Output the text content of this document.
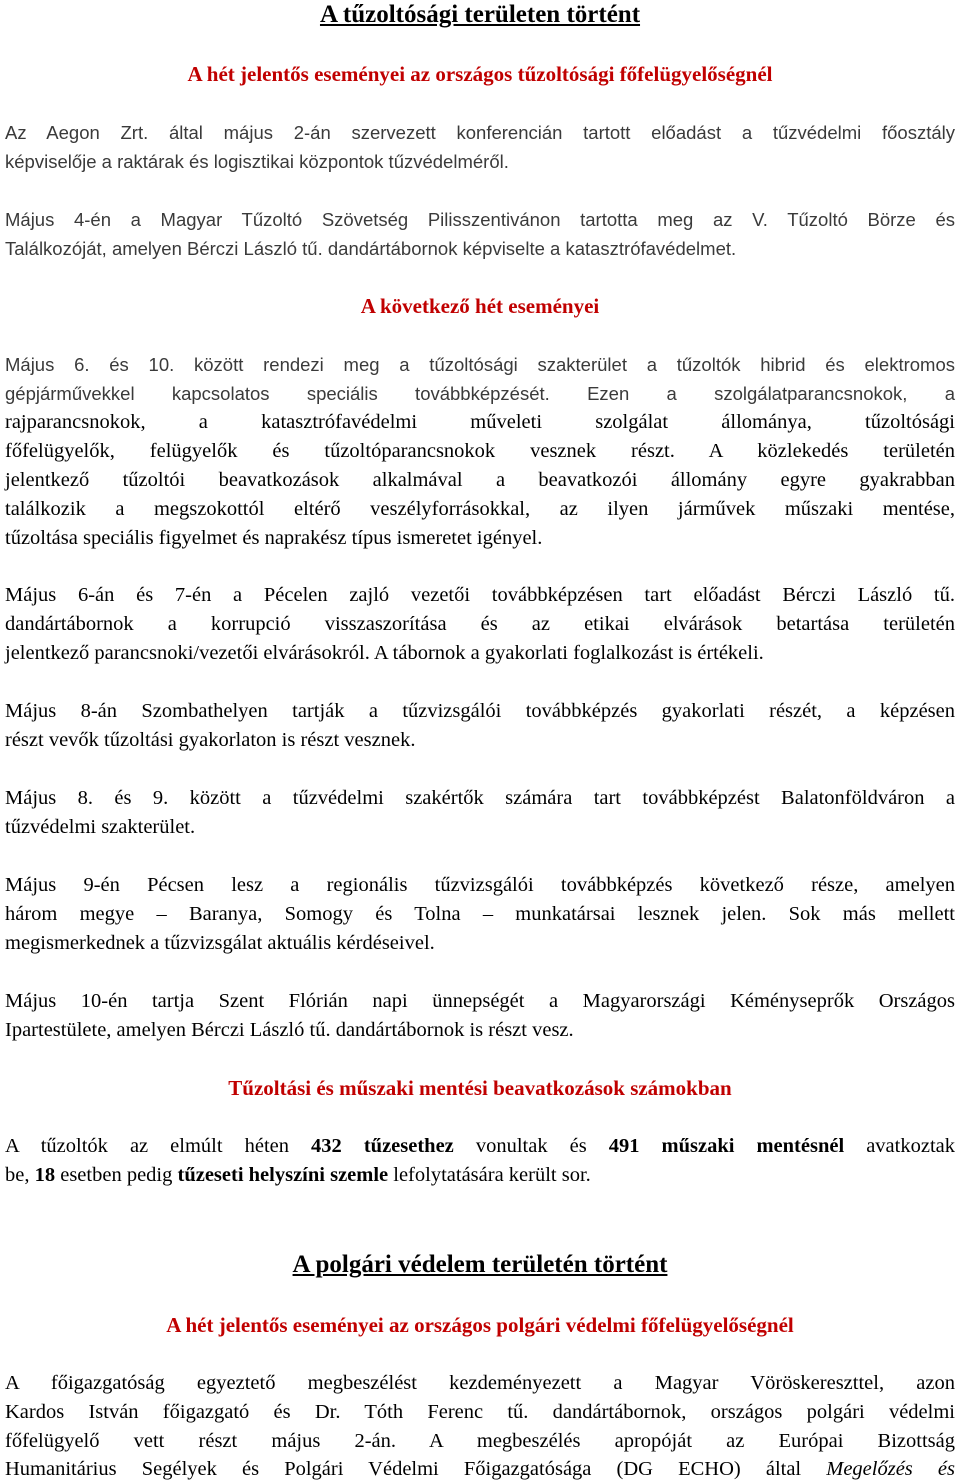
A tűzoltósági területen történt
A hét jelentős eseményei az országos tűzoltósági főfelügyelőségnél
Az Aegon Zrt. által május 2-án szervezett konferencián tartott előadást a tűzvédelmi főosztály
képviselője a raktárak és logisztikai központok tűzvédelméről.
Május 4-én a Magyar Tűzoltó Szövetség Pilisszentivánon tartotta meg az V. Tűzoltó Börze és
Találkozóját, amelyen Bérczi László tű. dandártábornok képviselte a katasztrófavédelmet.
A következő hét eseményei
Május 6. és 10. között rendezi meg a tűzoltósági szakterület a tűzoltók hibrid és elektromos
gépjárművekkel kapcsolatos speciális továbbképzését. Ezen a szolgálatparancsnokok, a
rajparancsnokok, a katasztrófavédelmi műveleti szolgálat állománya, tűzoltósági
főfelügyelők, felügyelők és tűzoltóparancsnokok vesznek részt. A közlekedés területén
jelentkező tűzoltói beavatkozások alkalmával a beavatkozói állomány egyre gyakrabban
találkozik a megszokottól eltérő veszélyforrásokkal, az ilyen járművek műszaki mentése,
tűzoltása speciális figyelmet és naprakész típus ismeretet igényel.
Május 6-án és 7-én a Pécelen zajló vezetői továbbképzésen tart előadást Bérczi László tű.
dandártábornok a korrupció visszaszorítása és az etikai elvárások betartása területén
jelentkező parancsnoki/vezetői elvárásokról. A tábornok a gyakorlati foglalkozást is értékeli.
Május 8-án Szombathelyen tartják a tűzvizsgálói továbbképzés gyakorlati részét, a képzésen
részt vevők tűzoltási gyakorlaton is részt vesznek.
Május 8. és 9. között a tűzvédelmi szakértők számára tart továbbképzést Balatonföldváron a
tűzvédelmi szakterület.
Május 9-én Pécsen lesz a regionális tűzvizsgálói továbbképzés következő része, amelyen
három megye – Baranya, Somogy és Tolna – munkatársai lesznek jelen. Sok más mellett
megismerkednek a tűzvizsgálat aktuális kérdéseivel.
Május 10-én tartja Szent Flórián napi ünnepségét a Magyarországi Kéményseprők Országos
Ipartestülete, amelyen Bérczi László tű. dandártábornok is részt vesz.
Tűzoltási és műszaki mentési beavatkozások számokban
A tűzoltók az elmúlt héten 432 tűzesethez vonultak és 491 műszaki mentésnél avatkoztak
be, 18 esetben pedig tűzeseti helyszíni szemle lefolytatására került sor.
A polgári védelem területén történt
A hét jelentős eseményei az országos polgári védelmi főfelügyelőségnél
A főigazgatóság egyeztető megbeszélést kezdeményezett a Magyar Vöröskereszttel, azon
Kardos István főigazgató és Dr. Tóth Ferenc tű. dandártábornok, országos polgári védelmi
főfelügyelő vett részt május 2-án. A megbeszélés apropóját az Európai Bizottság
Humanitárius Segélyek és Polgári Védelmi Főigazgatósága (DG ECHO) által Megelőzés és
